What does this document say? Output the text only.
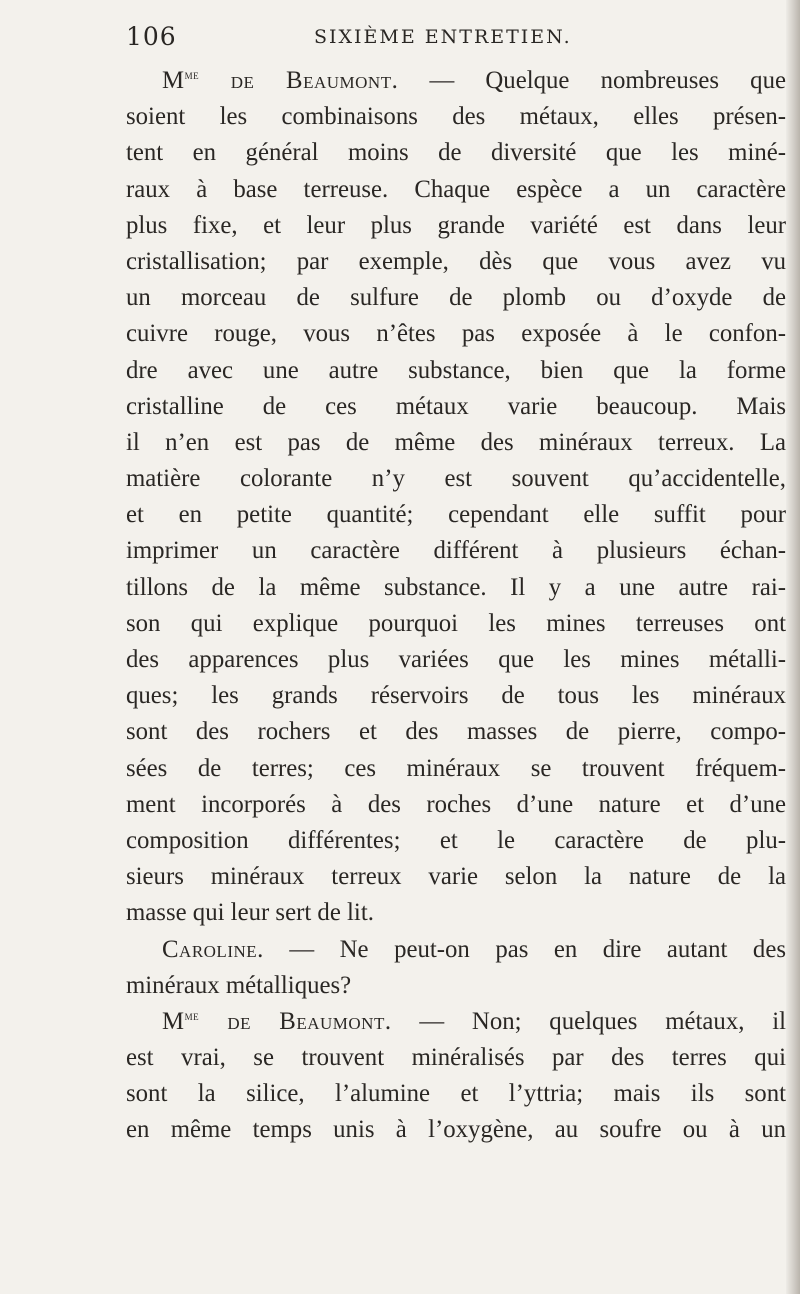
106	SIXIÈME ENTRETIEN.
$M^{me}$ de Beaumont. — Quelque nombreuses que
soient les combinaisons des métaux, elles présen-
tent en général moins de diversité que les miné-
raux à base terreuse. Chaque espèce a un caractère
plus fixe, et leur plus grande variété est dans leur
cristallisation; par exemple, dès que vous avez vu
un morceau de sulfure de plomb ou d’oxyde de
cuivre rouge, vous n’êtes pas exposée à le confon-
dre avec une autre substance, bien que la forme
cristalline de ces métaux varie beaucoup. Mais
il n’en est pas de même des minéraux terreux. La
matière colorante n’y est souvent qu’accidentelle,
et en petite quantité; cependant elle suffit pour
imprimer un caractère différent à plusieurs échan-
tillons de la même substance. Il y a une autre rai-
son qui explique pourquoi les mines terreuses ont
des apparences plus variées que les mines métalli-
ques; les grands réservoirs de tous les minéraux
sont des rochers et des masses de pierre, compo-
sées de terres; ces minéraux se trouvent fréquem-
ment incorporés à des roches d’une nature et d’une
composition différentes; et le caractère de plu-
sieurs minéraux terreux varie selon la nature de la
masse qui leur sert de lit.
Caroline. — Ne peut-on pas en dire autant des
minéraux métalliques?
$M^{me}$ de Beaumont. — Non; quelques métaux, il
est vrai, se trouvent minéralisés par des terres qui
sont la silice, l’alumine et l’yttria; mais ils sont
en même temps unis à l’oxygène, au soufre ou à un
